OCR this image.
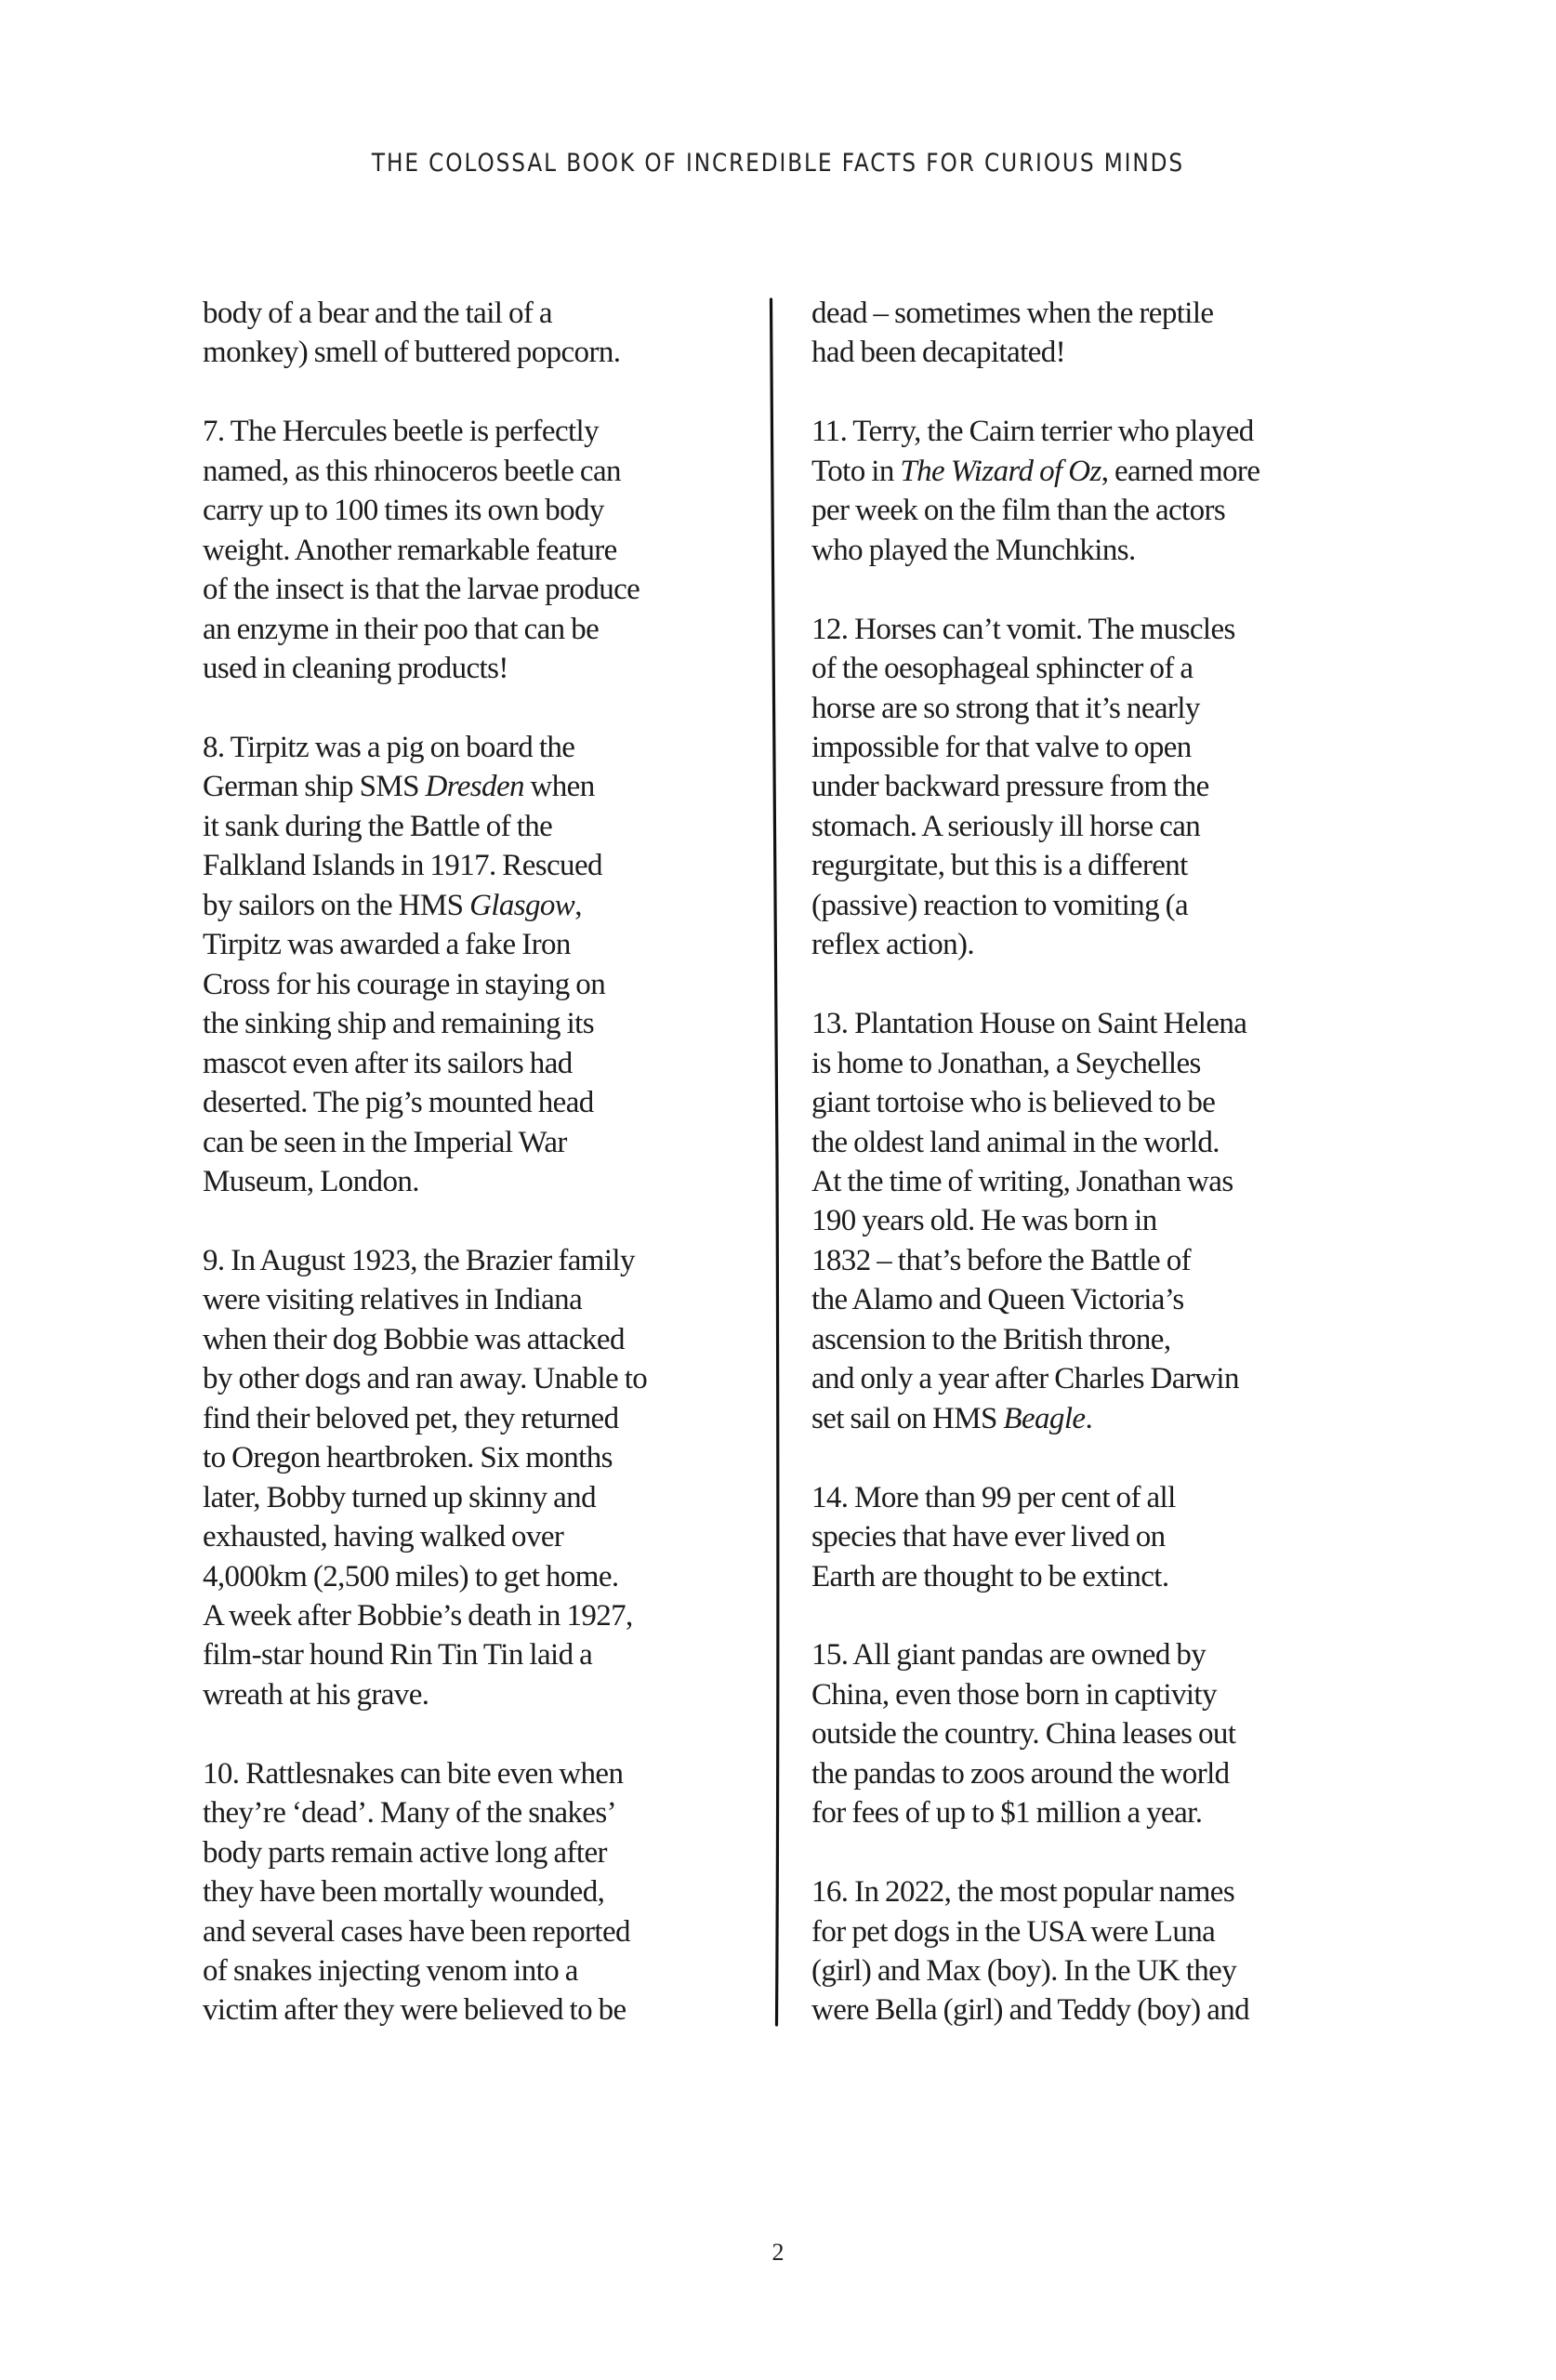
THE COLOSSAL BOOK OF INCREDIBLE FACTS FOR CURIOUS MINDS
body of a bear and the tail of a
monkey) smell of buttered popcorn.
7. The Hercules beetle is perfectly
named, as this rhinoceros beetle can
carry up to 100 times its own body
weight. Another remarkable feature
of the insect is that the larvae produce
an enzyme in their poo that can be
used in cleaning products!
8. Tirpitz was a pig on board the
German ship SMS Dresden when
it sank during the Battle of the
Falkland Islands in 1917. Rescued
by sailors on the HMS Glasgow,
Tirpitz was awarded a fake Iron
Cross for his courage in staying on
the sinking ship and remaining its
mascot even after its sailors had
deserted. The pig’s mounted head
can be seen in the Imperial War
Museum, London.
9. In August 1923, the Brazier family
were visiting relatives in Indiana
when their dog Bobbie was attacked
by other dogs and ran away. Unable to
find their beloved pet, they returned
to Oregon heartbroken. Six months
later, Bobby turned up skinny and
exhausted, having walked over
4,000km (2,500 miles) to get home.
A week after Bobbie’s death in 1927,
film-star hound Rin Tin Tin laid a
wreath at his grave.
10. Rattlesnakes can bite even when
they’re ‘dead’. Many of the snakes’
body parts remain active long after
they have been mortally wounded,
and several cases have been reported
of snakes injecting venom into a
victim after they were believed to be
dead – sometimes when the reptile
had been decapitated!
11. Terry, the Cairn terrier who played
Toto in The Wizard of Oz, earned more
per week on the film than the actors
who played the Munchkins.
12. Horses can’t vomit. The muscles
of the oesophageal sphincter of a
horse are so strong that it’s nearly
impossible for that valve to open
under backward pressure from the
stomach. A seriously ill horse can
regurgitate, but this is a different
(passive) reaction to vomiting (a
reflex action).
13. Plantation House on Saint Helena
is home to Jonathan, a Seychelles
giant tortoise who is believed to be
the oldest land animal in the world.
At the time of writing, Jonathan was
190 years old. He was born in
1832 – that’s before the Battle of
the Alamo and Queen Victoria’s
ascension to the British throne,
and only a year after Charles Darwin
set sail on HMS Beagle.
14. More than 99 per cent of all
species that have ever lived on
Earth are thought to be extinct.
15. All giant pandas are owned by
China, even those born in captivity
outside the country. China leases out
the pandas to zoos around the world
for fees of up to $1 million a year.
16. In 2022, the most popular names
for pet dogs in the USA were Luna
(girl) and Max (boy). In the UK they
were Bella (girl) and Teddy (boy) and
2
